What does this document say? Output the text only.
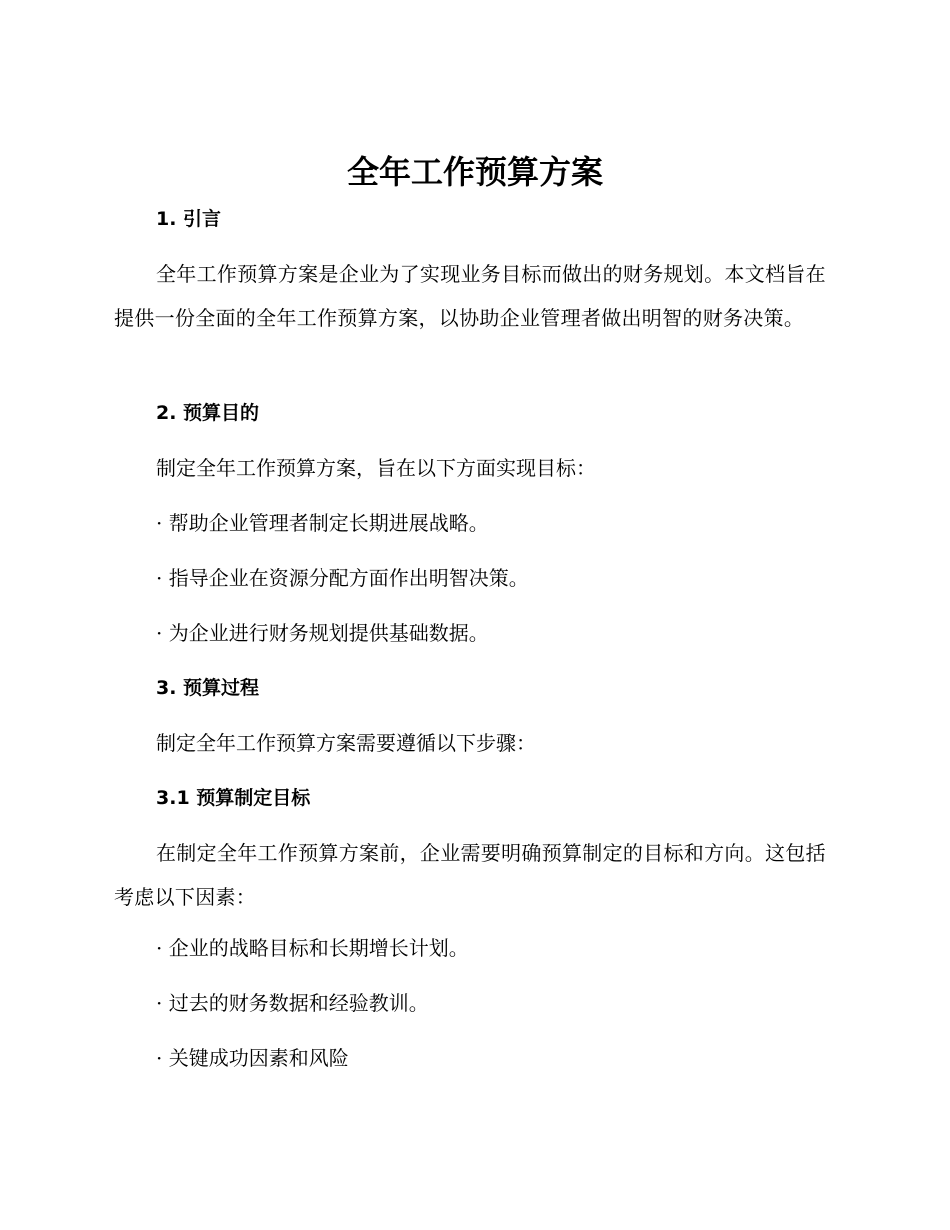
全年工作预算方案

1. 引言

全年工作预算方案是企业为了实现业务目标而做出的财务规划。本文档旨在提供一份全面的全年工作预算方案，以协助企业管理者做出明智的财务决策。

2. 预算目的

制定全年工作预算方案，旨在以下方面实现目标：

· 帮助企业管理者制定长期进展战略。

· 指导企业在资源分配方面作出明智决策。

· 为企业进行财务规划提供基础数据。

3. 预算过程

制定全年工作预算方案需要遵循以下步骤：

3.1 预算制定目标

在制定全年工作预算方案前，企业需要明确预算制定的目标和方向。这包括考虑以下因素：

· 企业的战略目标和长期增长计划。

· 过去的财务数据和经验教训。

· 关键成功因素和风险
